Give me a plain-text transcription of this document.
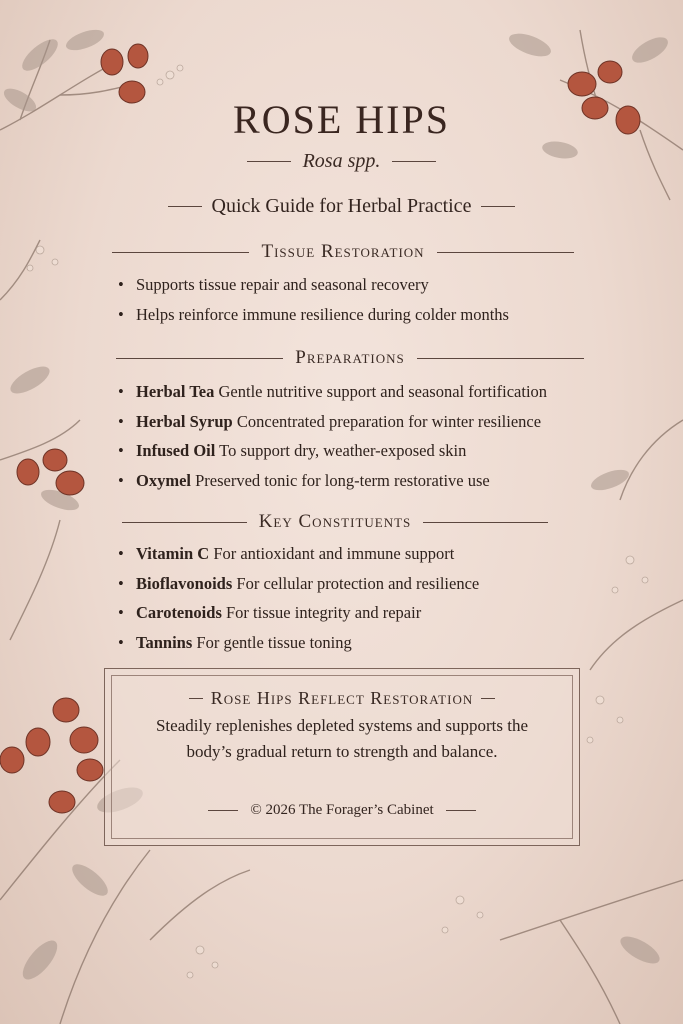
ROSE HIPS
Rosa spp.
Quick Guide for Herbal Practice
Tissue Restoration
• Supports tissue repair and seasonal recovery
• Helps reinforce immune resilience during colder months
Preparations
• Herbal Tea Gentle nutritive support and seasonal fortification
• Herbal Syrup Concentrated preparation for winter resilience
• Infused Oil To support dry, weather-exposed skin
• Oxymel Preserved tonic for long-term restorative use
Key Constituents
• Vitamin C For antioxidant and immune support
• Bioflavonoids For cellular protection and resilience
• Carotenoids For tissue integrity and repair
• Tannins For gentle tissue toning
Rose Hips Reflect Restoration
Steadily replenishes depleted systems and supports the body’s gradual return to strength and balance.
© 2026 The Forager’s Cabinet
